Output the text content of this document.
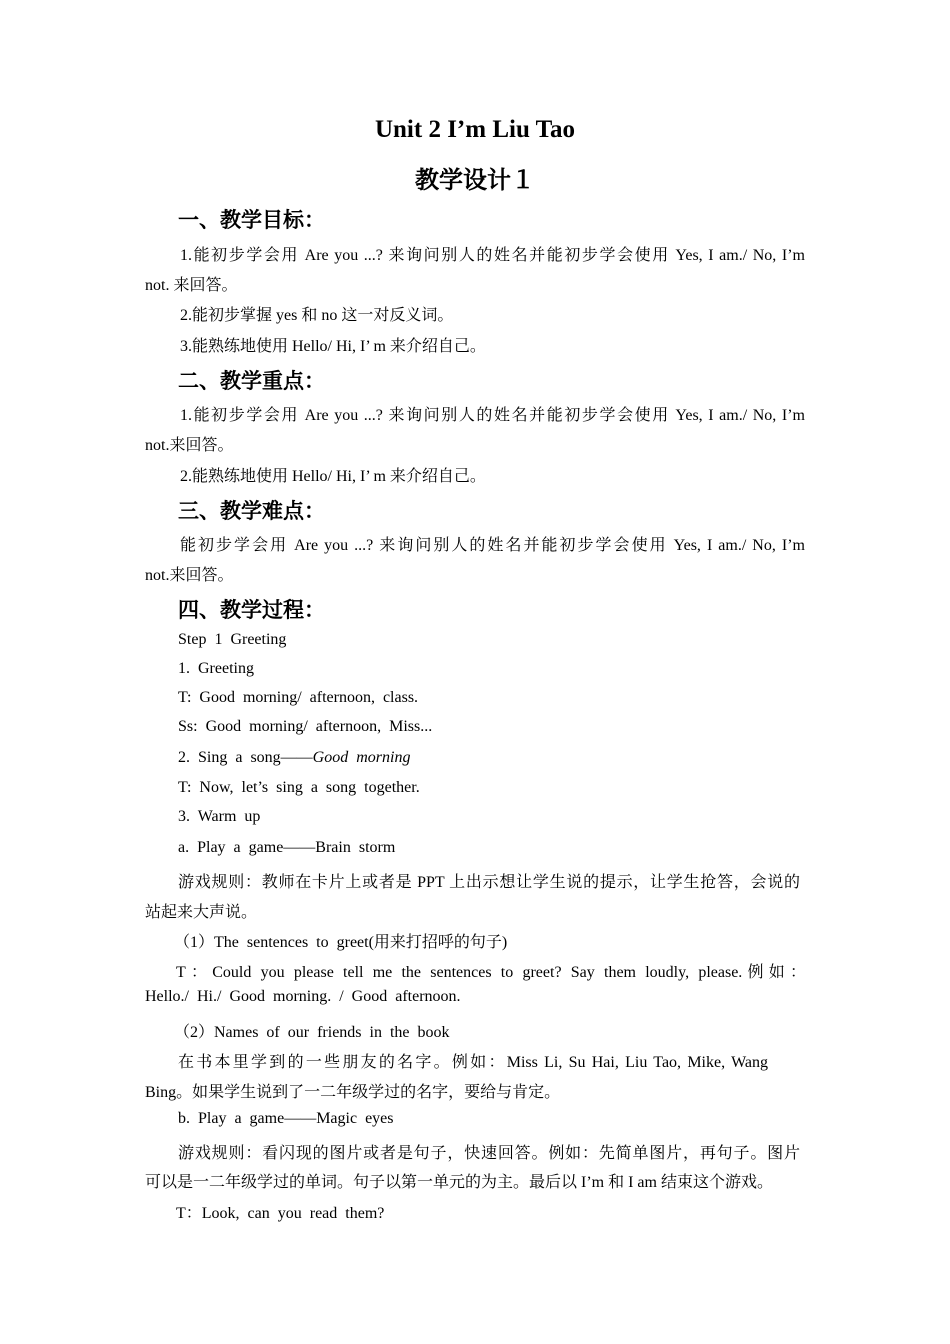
Unit 2 I’m Liu Tao
教学设计１
一、教学目标：
1.能初步学会用 Are you ...? 来询问别人的姓名并能初步学会使用 Yes, I am./ No, I’m
not. 来回答。
2.能初步掌握 yes 和 no 这一对反义词。
3.能熟练地使用 Hello/ Hi, I’ m 来介绍自己。
二、教学重点：
1.能初步学会用 Are you ...? 来询问别人的姓名并能初步学会使用 Yes, I am./ No, I’m
not.来回答。
2.能熟练地使用 Hello/ Hi, I’ m 来介绍自己。
三、教学难点：
能初步学会用 Are you ...? 来询问别人的姓名并能初步学会使用 Yes, I am./ No, I’m
not.来回答。
四、教学过程：
Step 1 Greeting
1. Greeting
T: Good morning/ afternoon, class.
Ss: Good morning/ afternoon, Miss...
2. Sing a song——Good morning
T: Now, let’s sing a song together.
3. Warm up
a. Play a game——Brain storm
游戏规则：教师在卡片上或者是 PPT 上出示想让学生说的提示，让学生抢答，会说的
站起来大声说。
（1）The sentences to greet(用来打招呼的句子)
T：Could you please tell me the sentences to greet? Say them loudly, please.例如：
Hello./ Hi./ Good morning. / Good afternoon.
（2）Names of our friends in the book
在书本里学到的一些朋友的名字。例如：Miss Li, Su Hai, Liu Tao, Mike, Wang
Bing。如果学生说到了一二年级学过的名字，要给与肯定。
b. Play a game——Magic eyes
游戏规则：看闪现的图片或者是句子，快速回答。例如：先简单图片，再句子。图片
可以是一二年级学过的单词。句子以第一单元的为主。最后以 I’m 和 I am 结束这个游戏。
T：Look, can you read them?
